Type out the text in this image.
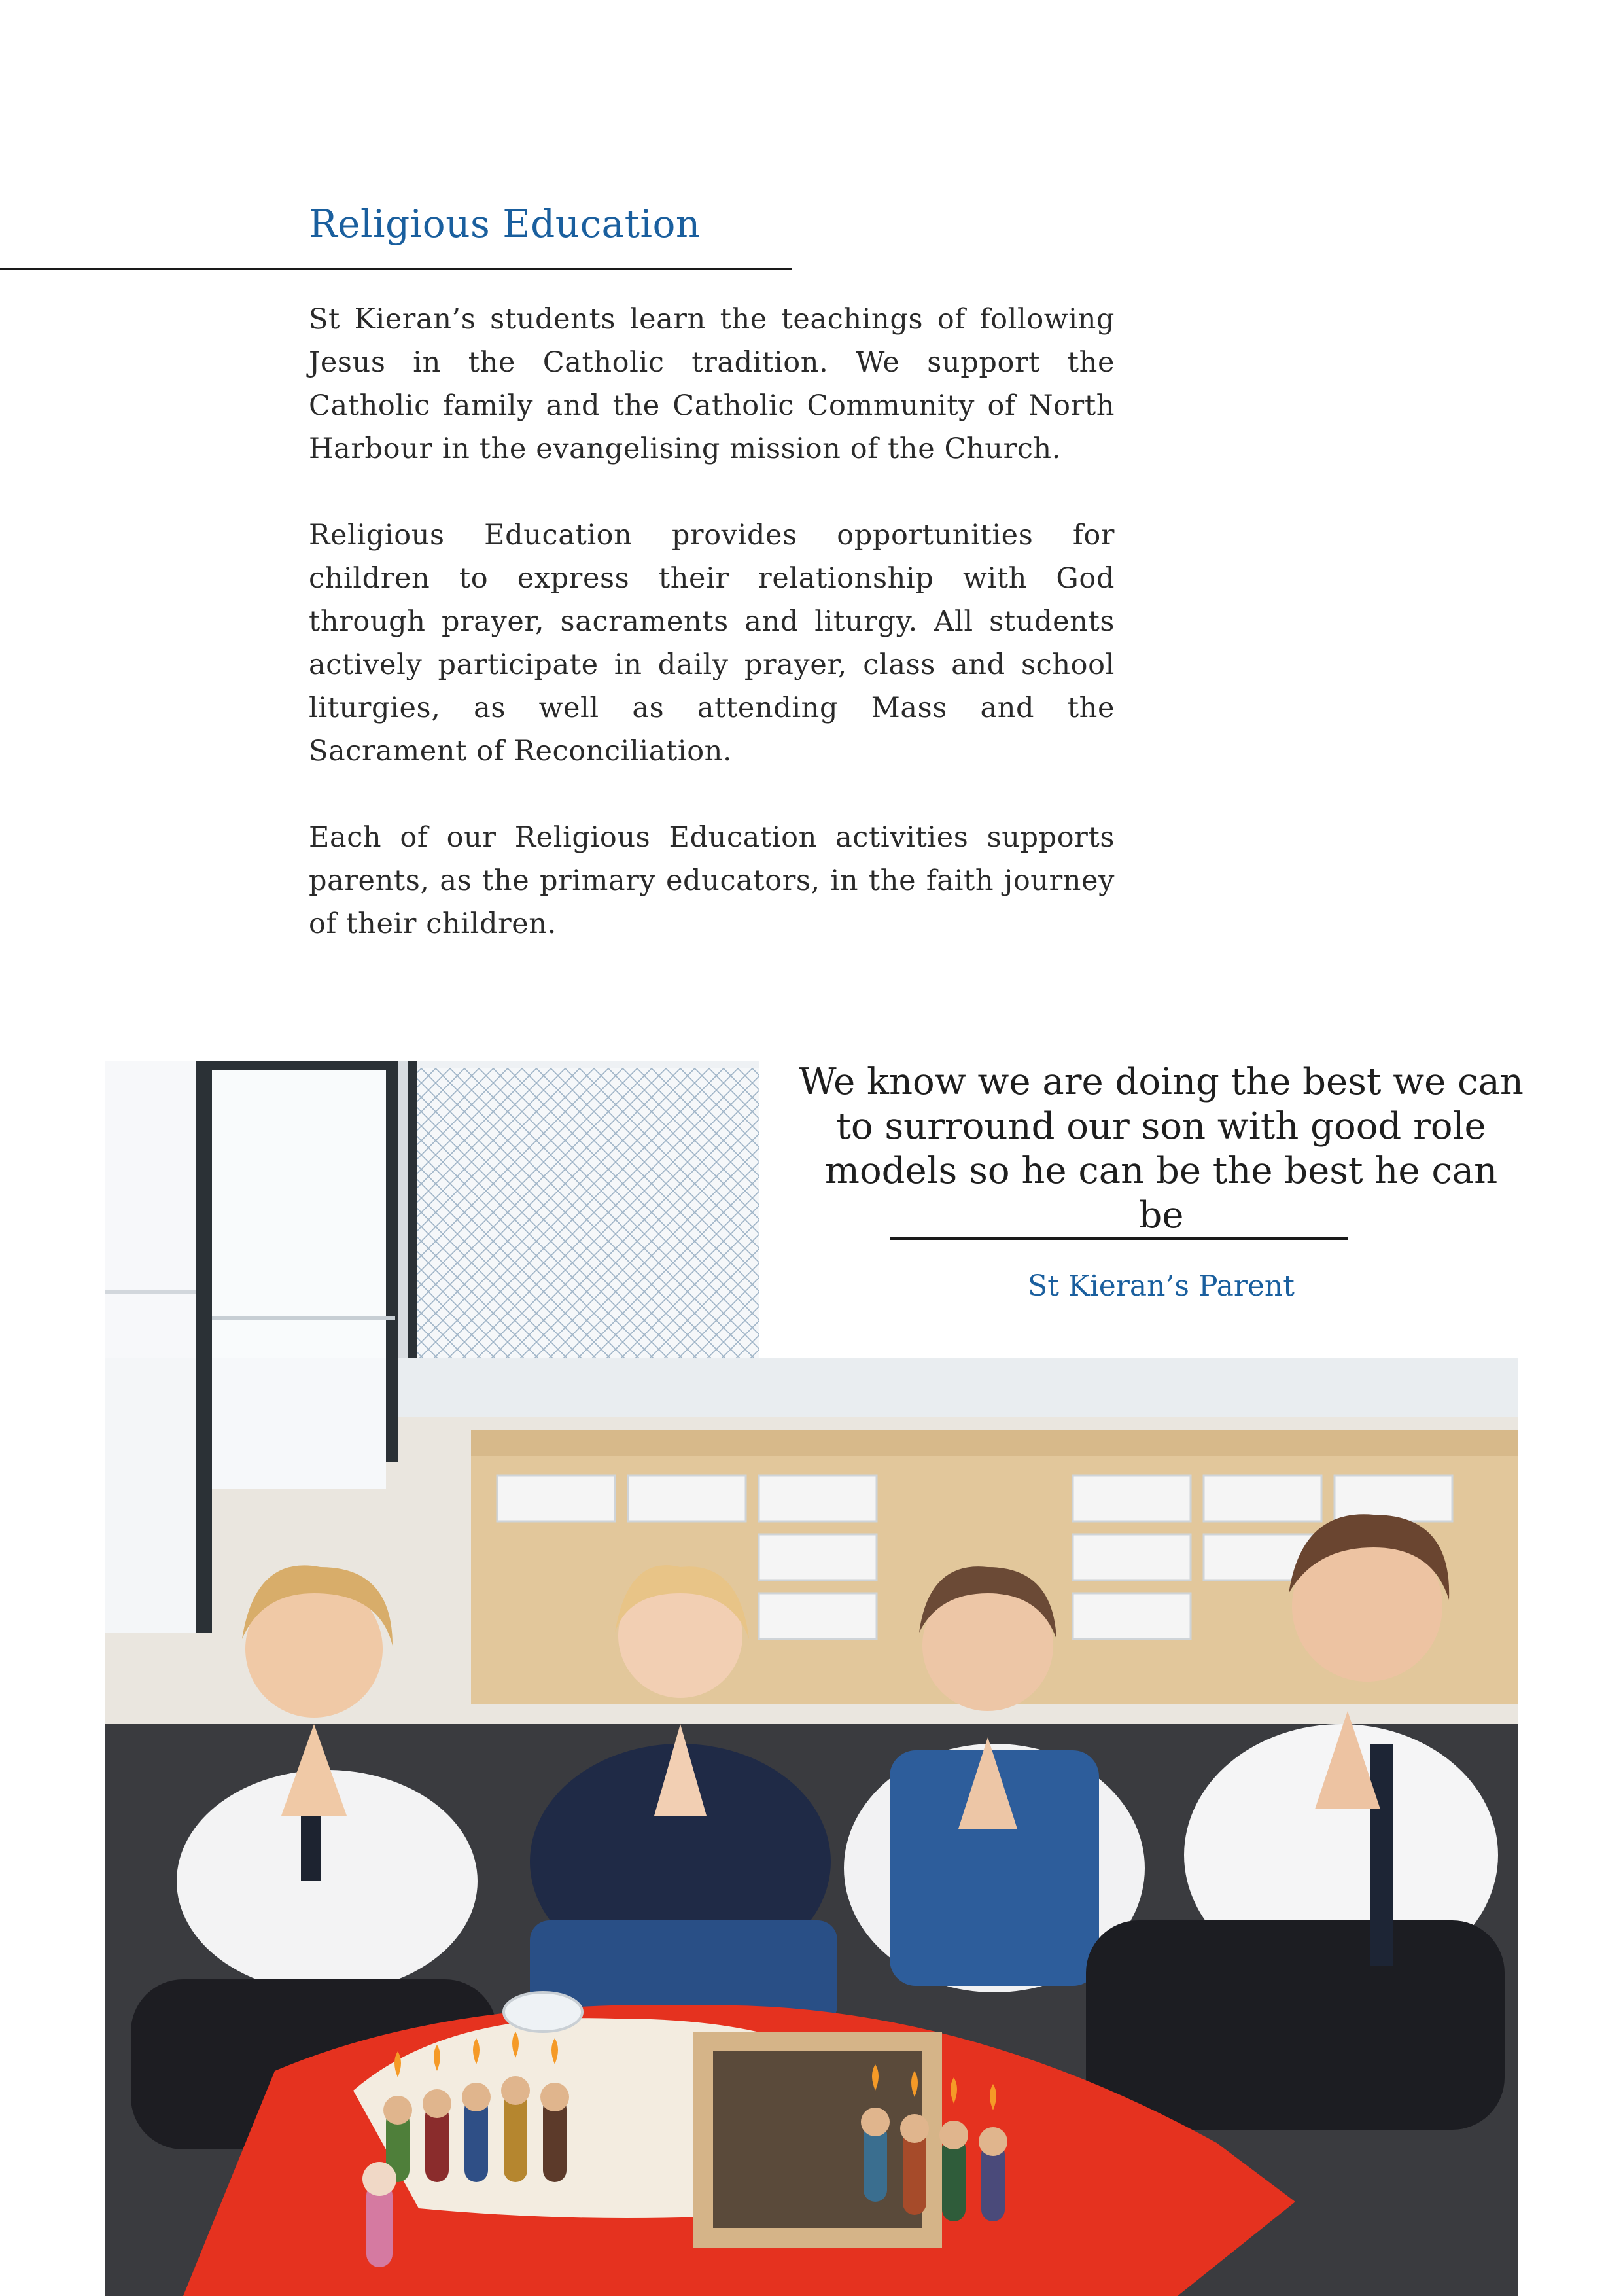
Religious Education

St Kieran’s students learn the teachings of following Jesus in the Catholic tradition. We support the Catholic family and the Catholic Community of North Harbour in the evangelising mission of the Church.

Religious Education provides opportunities for children to express their relationship with God through prayer, sacraments and liturgy. All students actively participate in daily prayer, class and school liturgies, as well as attending Mass and the Sacrament of Reconciliation.

Each of our Religious Education activities supports parents, as the primary educators, in the faith journey of their children.

We know we are doing the best we can to surround our son with good role models so he can be the best he can be

St Kieran’s Parent
